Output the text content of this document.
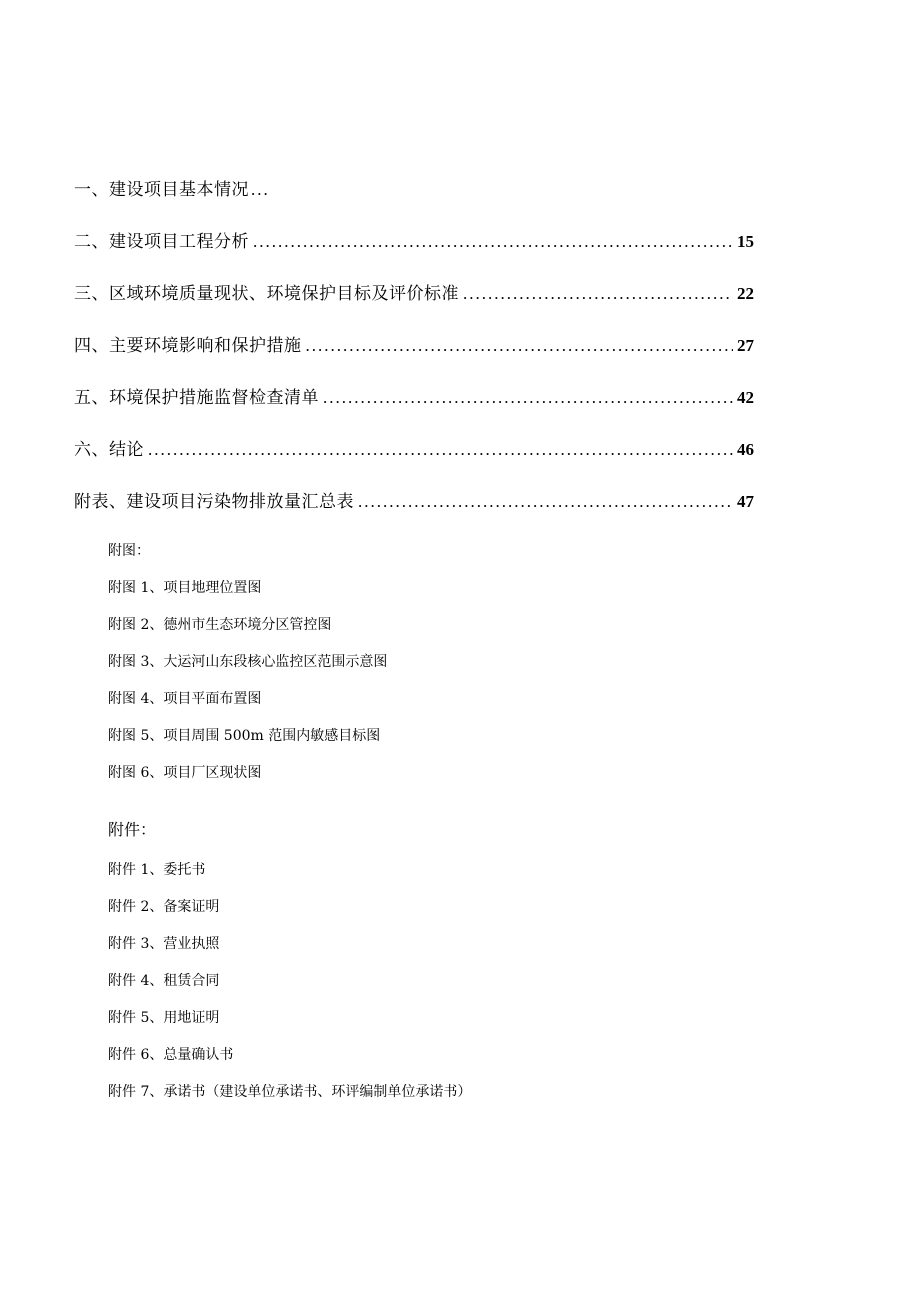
一、建设项目基本情况
...
二、建设项目工程分析 .....	15
三、区域环境质量现状、环境保护目标及评价标准 .....	22
四、主要环境影响和保护措施 .....	27
五、环境保护措施监督检查清单 .....	42
六、结论 .....	46
附表、建设项目污染物排放量汇总表 .....	47
附图：
附图 1、项目地理位置图
附图 2、德州市生态环境分区管控图
附图 3、大运河山东段核心监控区范围示意图
附图 4、项目平面布置图
附图 5、项目周围 500m 范围内敏感目标图
附图 6、项目厂区现状图
附件：
附件 1、委托书
附件 2、备案证明
附件 3、营业执照
附件 4、租赁合同
附件 5、用地证明
附件 6、总量确认书
附件 7、承诺书（建设单位承诺书、环评编制单位承诺书）
